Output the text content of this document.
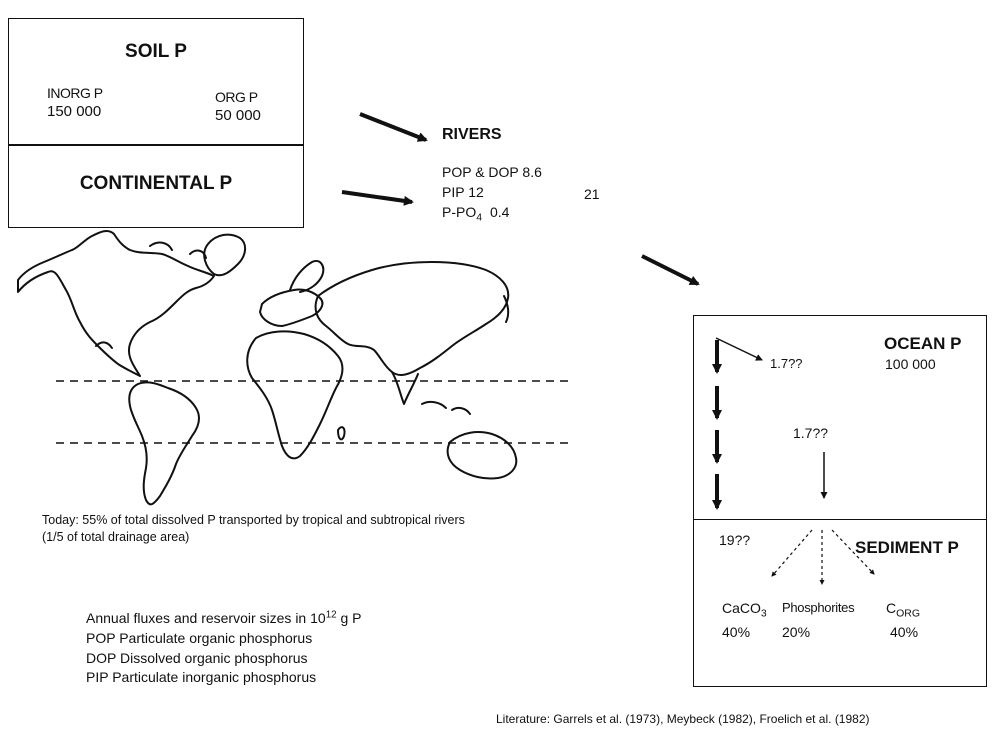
SOIL P
INORG P
150 000
ORG P
50 000
CONTINENTAL P
RIVERS
POP & DOP 8.6
PIP 12
$P-PO_4$ 0.4
21
OCEAN P
100 000
1.7??
1.7??
19??	SEDIMENT P
CaCO$_3$
40%
Phosphorites
20%
$C_{ORG}$
40%
Today: 55% of total dissolved P transported by tropical and subtropical rivers
(1/5 of total drainage area)
Annual fluxes and reservoir sizes in $10^{12}$ g P
POP Particulate organic phosphorus
DOP Dissolved organic phosphorus
PIP Particulate inorganic phosphorus
Literature: Garrels et al. (1973), Meybeck (1982), Froelich et al. (1982)
